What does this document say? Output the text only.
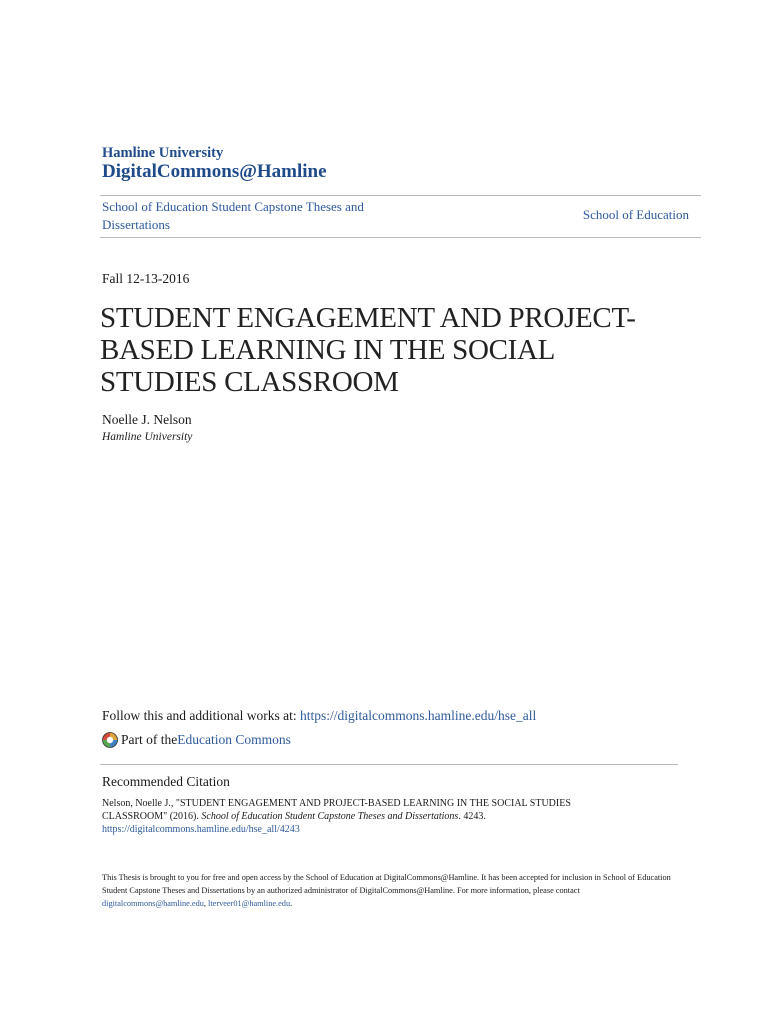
Hamline University
DigitalCommons@Hamline
School of Education Student Capstone Theses and Dissertations
School of Education
Fall 12-13-2016
STUDENT ENGAGEMENT AND PROJECT-
BASED LEARNING IN THE SOCIAL
STUDIES CLASSROOM
Noelle J. Nelson
Hamline University
Follow this and additional works at: https://digitalcommons.hamline.edu/hse_all
Part of the Education Commons
Recommended Citation
Nelson, Noelle J., "STUDENT ENGAGEMENT AND PROJECT-BASED LEARNING IN THE SOCIAL STUDIES
CLASSROOM" (2016). School of Education Student Capstone Theses and Dissertations. 4243.
https://digitalcommons.hamline.edu/hse_all/4243
This Thesis is brought to you for free and open access by the School of Education at DigitalCommons@Hamline. It has been accepted for inclusion in School of Education Student Capstone Theses and Dissertations by an authorized administrator of DigitalCommons@Hamline. For more information, please contact digitalcommons@hamline.edu, lterveer01@hamline.edu.
